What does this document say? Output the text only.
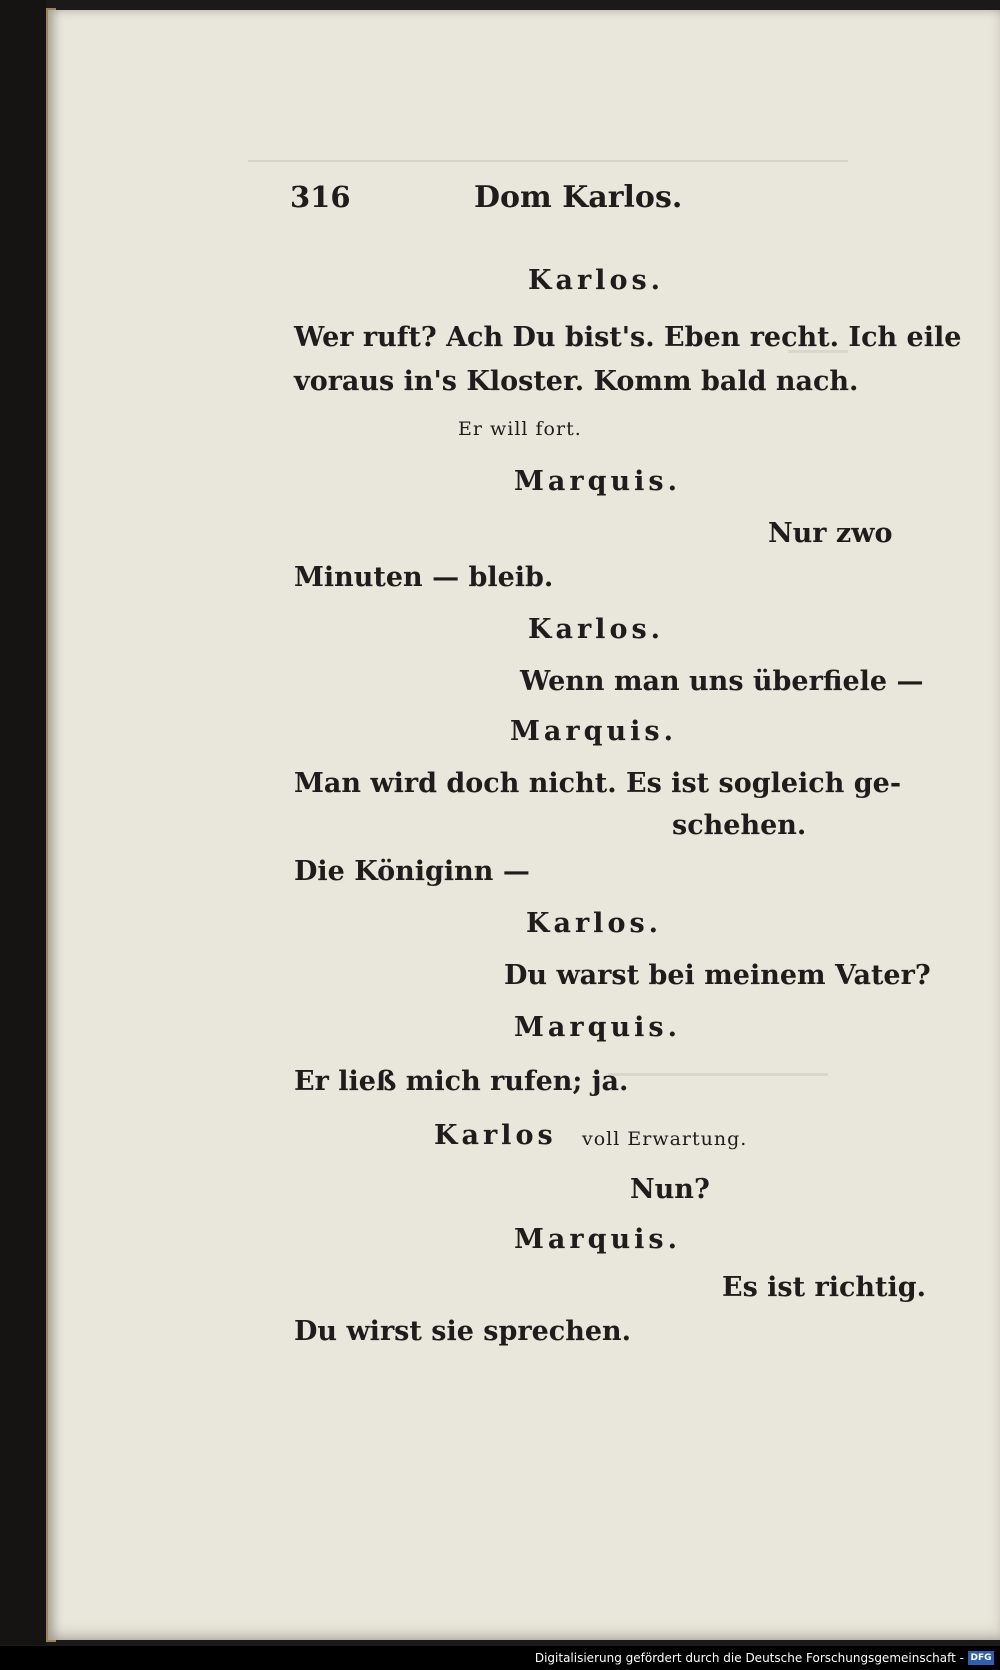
316	Dom Karlos.
Karlos.
Wer ruft? Ach Du bist's. Eben recht. Ich eile
voraus in's Kloster. Komm bald nach.
Er will fort.
Marquis.
Nur zwo
Minuten — bleib.
Karlos.
Wenn man uns überfiele —
Marquis.
Man wird doch nicht. Es ist sogleich ge-
schehen.
Die Königinn —
Karlos.
Du warst bei meinem Vater?
Marquis.
Er ließ mich rufen; ja.
Karlos voll Erwartung.
Nun?
Marquis.
Es ist richtig.
Du wirst sie sprechen.
Digitalisierung gefördert durch die Deutsche Forschungsgemeinschaft - DFG
